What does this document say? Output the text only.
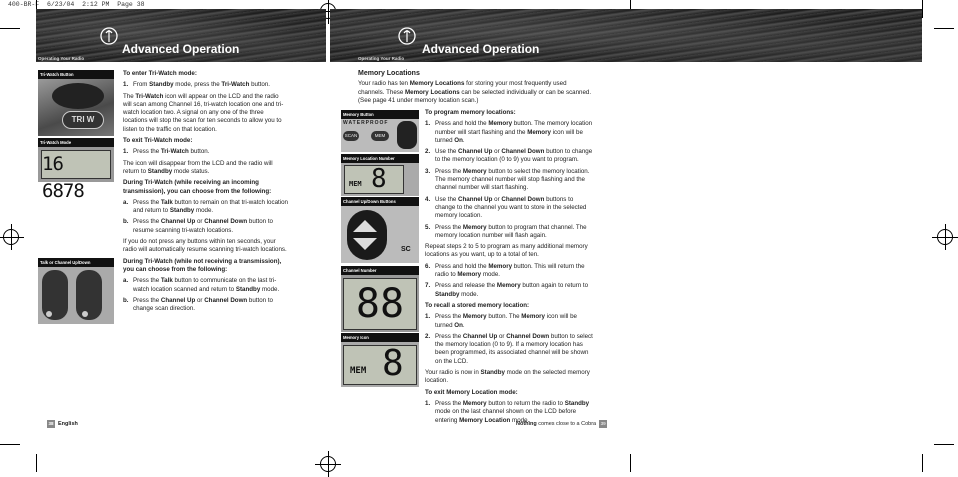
400-BR-F  6/23/04  2:12 PM  Page 38
Operating Your Radio
Advanced Operation
Operating Your Radio
Advanced Operation
Tri-Watch Button
TRI W
Tri-Watch Mode
16 6878
Talk or Channel Up/Down

To enter Tri-Watch mode:

1. From Standby mode, press the Tri-Watch button.

The Tri-Watch icon will appear on the LCD and the radio will scan among Channel 16, tri-watch location one and tri-watch location two. A signal on any one of the three locations will stop the scan for ten seconds to allow you to listen to the traffic on that location.

To exit Tri-Watch mode:

1. Press the Tri-Watch button.

The icon will disappear from the LCD and the radio will return to Standby mode status.

During Tri-Watch (while receiving an incoming transmission), you can choose from the following:

a. Press the Talk button to remain on that tri-watch location and return to Standby mode.
b. Press the Channel Up or Channel Down button to resume scanning tri-watch locations.

If you do not press any buttons within ten seconds, your radio will automatically resume scanning tri-watch locations.

During Tri-Watch (while not receiving a transmission), you can choose from the following:

a. Press the Talk button to communicate on the last tri-watch location scanned and return to Standby mode.
b. Press the Channel Up or Channel Down button to change scan direction.
Memory Button
WATERPROOF
SCAN	MEM
Memory Location Number
MEM 8
Channel Up/Down Buttons
SC
Channel Number
88
Memory Icon
MEM 8
Memory Locations

Your radio has ten Memory Locations for storing your most frequently used channels. These Memory Locations can be selected individually or can be scanned. (See page 41 under memory location scan.)

To program memory locations:

1. Press and hold the Memory button. The memory location number will start flashing and the Memory icon will be turned On.
2. Use the Channel Up or Channel Down button to change to the memory location (0 to 9) you want to program.
3. Press the Memory button to select the memory location. The memory channel number will stop flashing and the channel number will start flashing.
4. Use the Channel Up or Channel Down buttons to change to the channel you want to store in the selected memory location.
5. Press the Memory button to program that channel. The memory location number will flash again.

Repeat steps 2 to 5 to program as many additional memory locations as you want, up to a total of ten.

6. Press and hold the Memory button. This will return the radio to Memory mode.
7. Press and release the Memory button again to return to Standby mode.

To recall a stored memory location:

1. Press the Memory button. The Memory icon will be turned On.
2. Press the Channel Up or Channel Down button to select the memory location (0 to 9). If a memory location has been programmed, its associated channel will be shown on the LCD.

Your radio is now in Standby mode on the selected memory location.

To exit Memory Location mode:

1. Press the Memory button to return the radio to Standby mode on the last channel shown on the LCD before entering Memory Location mode.
38 English	Nothing comes close to a Cobra 39
